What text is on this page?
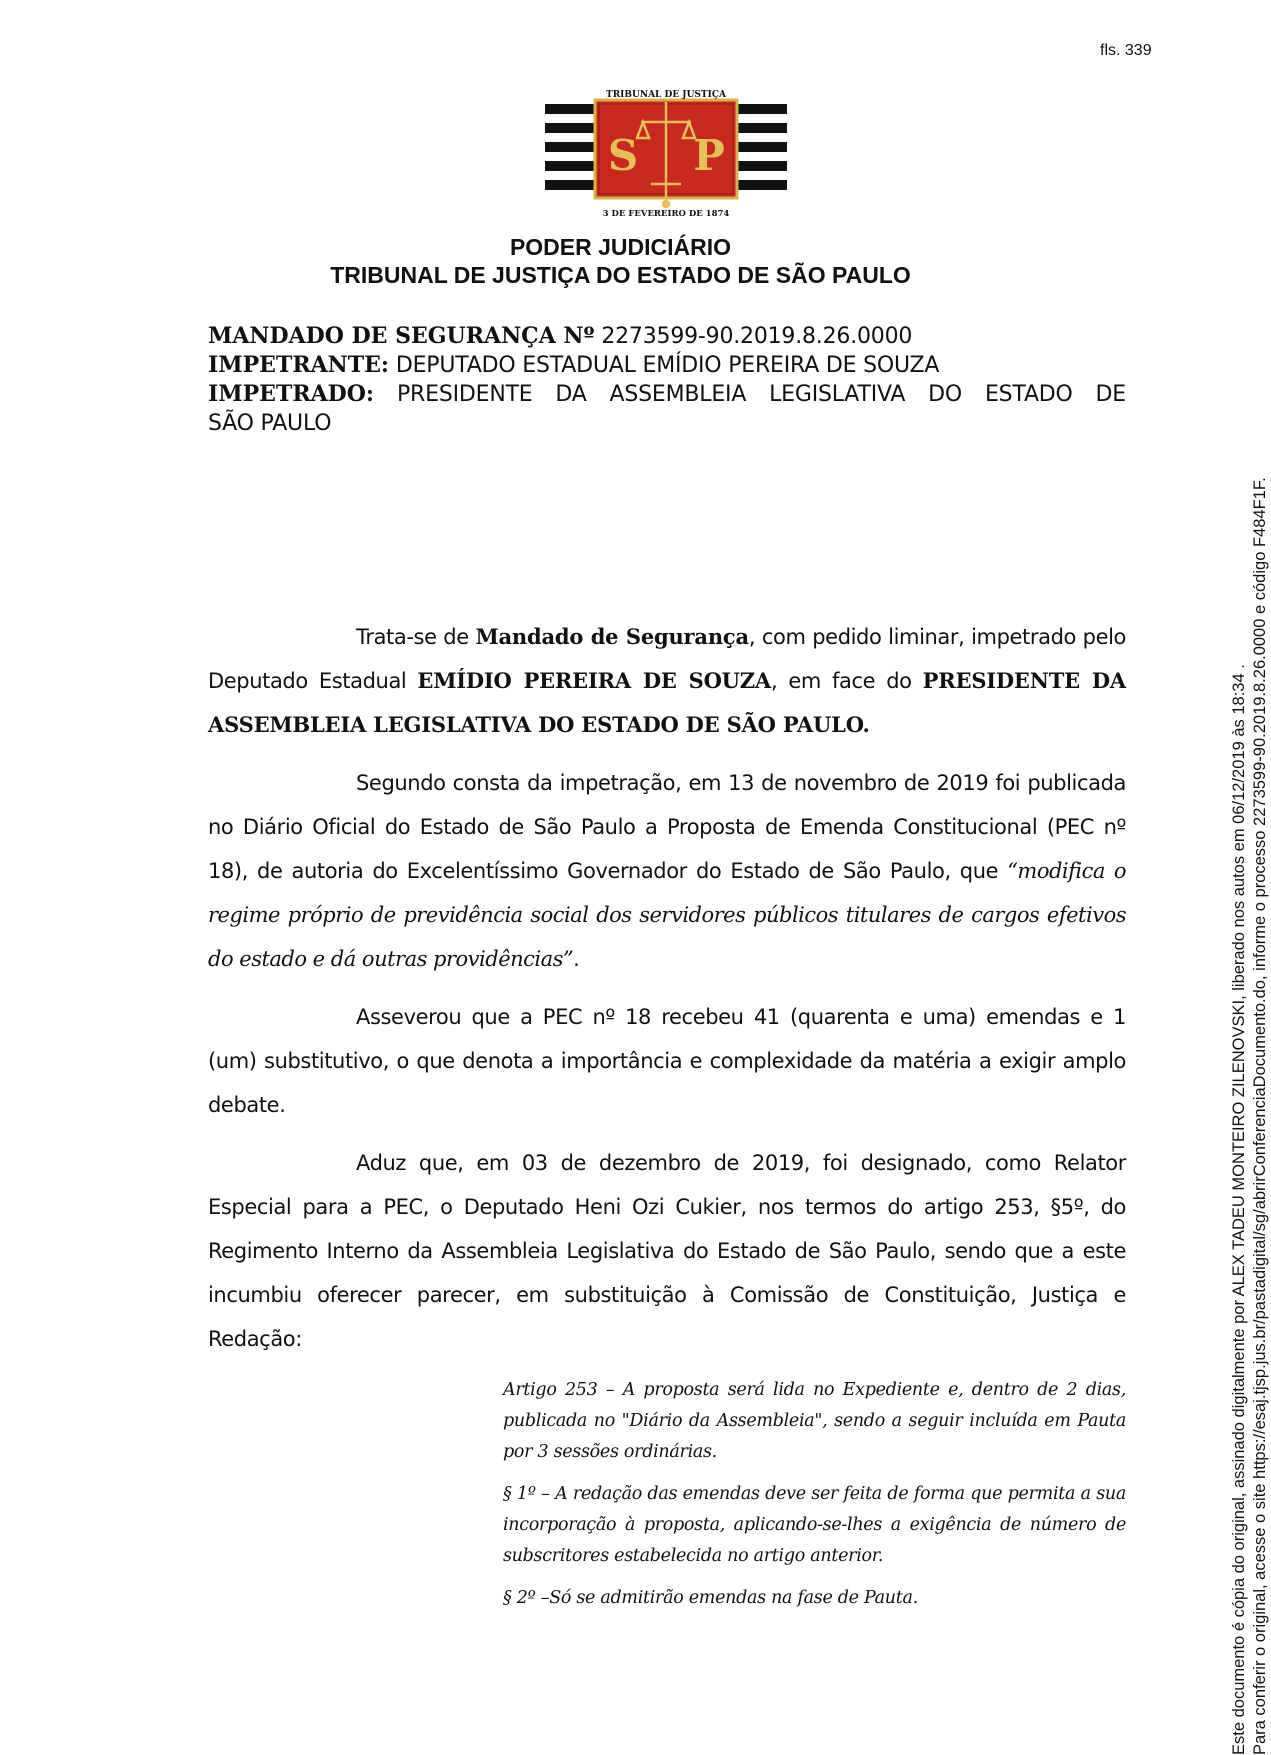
fls. 339
TRIBUNAL DE JUSTIÇA
S P
3 DE FEVEREIRO DE 1874
PODER JUDICIÁRIO
TRIBUNAL DE JUSTIÇA DO ESTADO DE SÃO PAULO
MANDADO DE SEGURANÇA Nº 2273599-90.2019.8.26.0000
IMPETRANTE: DEPUTADO ESTADUAL EMÍDIO PEREIRA DE SOUZA
IMPETRADO: PRESIDENTE DA ASSEMBLEIA LEGISLATIVA DO ESTADO DE
SÃO PAULO

Trata-se de Mandado de Segurança, com pedido liminar, impetrado pelo Deputado Estadual EMÍDIO PEREIRA DE SOUZA, em face do PRESIDENTE DA ASSEMBLEIA LEGISLATIVA DO ESTADO DE SÃO PAULO.

Segundo consta da impetração, em 13 de novembro de 2019 foi publicada no Diário Oficial do Estado de São Paulo a Proposta de Emenda Constitucional (PEC nº 18), de autoria do Excelentíssimo Governador do Estado de São Paulo, que “modifica o regime próprio de previdência social dos servidores públicos titulares de cargos efetivos do estado e dá outras providências”.

Asseverou que a PEC nº 18 recebeu 41 (quarenta e uma) emendas e 1 (um) substitutivo, o que denota a importância e complexidade da matéria a exigir amplo debate.

Aduz que, em 03 de dezembro de 2019, foi designado, como Relator Especial para a PEC, o Deputado Heni Ozi Cukier, nos termos do artigo 253, §5º, do Regimento Interno da Assembleia Legislativa do Estado de São Paulo, sendo que a este incumbiu oferecer parecer, em substituição à Comissão de Constituição, Justiça e Redação:

Artigo 253 – A proposta será lida no Expediente e, dentro de 2 dias, publicada no "Diário da Assembleia", sendo a seguir incluída em Pauta por 3 sessões ordinárias.

§ 1º – A redação das emendas deve ser feita de forma que permita a sua incorporação à proposta, aplicando-se-lhes a exigência de número de subscritores estabelecida no artigo anterior.

§ 2º –Só se admitirão emendas na fase de Pauta.	Este documento é cópia do original, assinado digitalmente por ALEX TADEU MONTEIRO ZILENOVSKI, liberado nos autos em 06/12/2019 às 18:34 . Para conferir o original, acesse o site https://esaj.tjsp.jus.br/pastadigital/sg/abrirConferenciaDocumento.do, informe o processo 2273599-90.2019.8.26.0000 e código F484F1F.
